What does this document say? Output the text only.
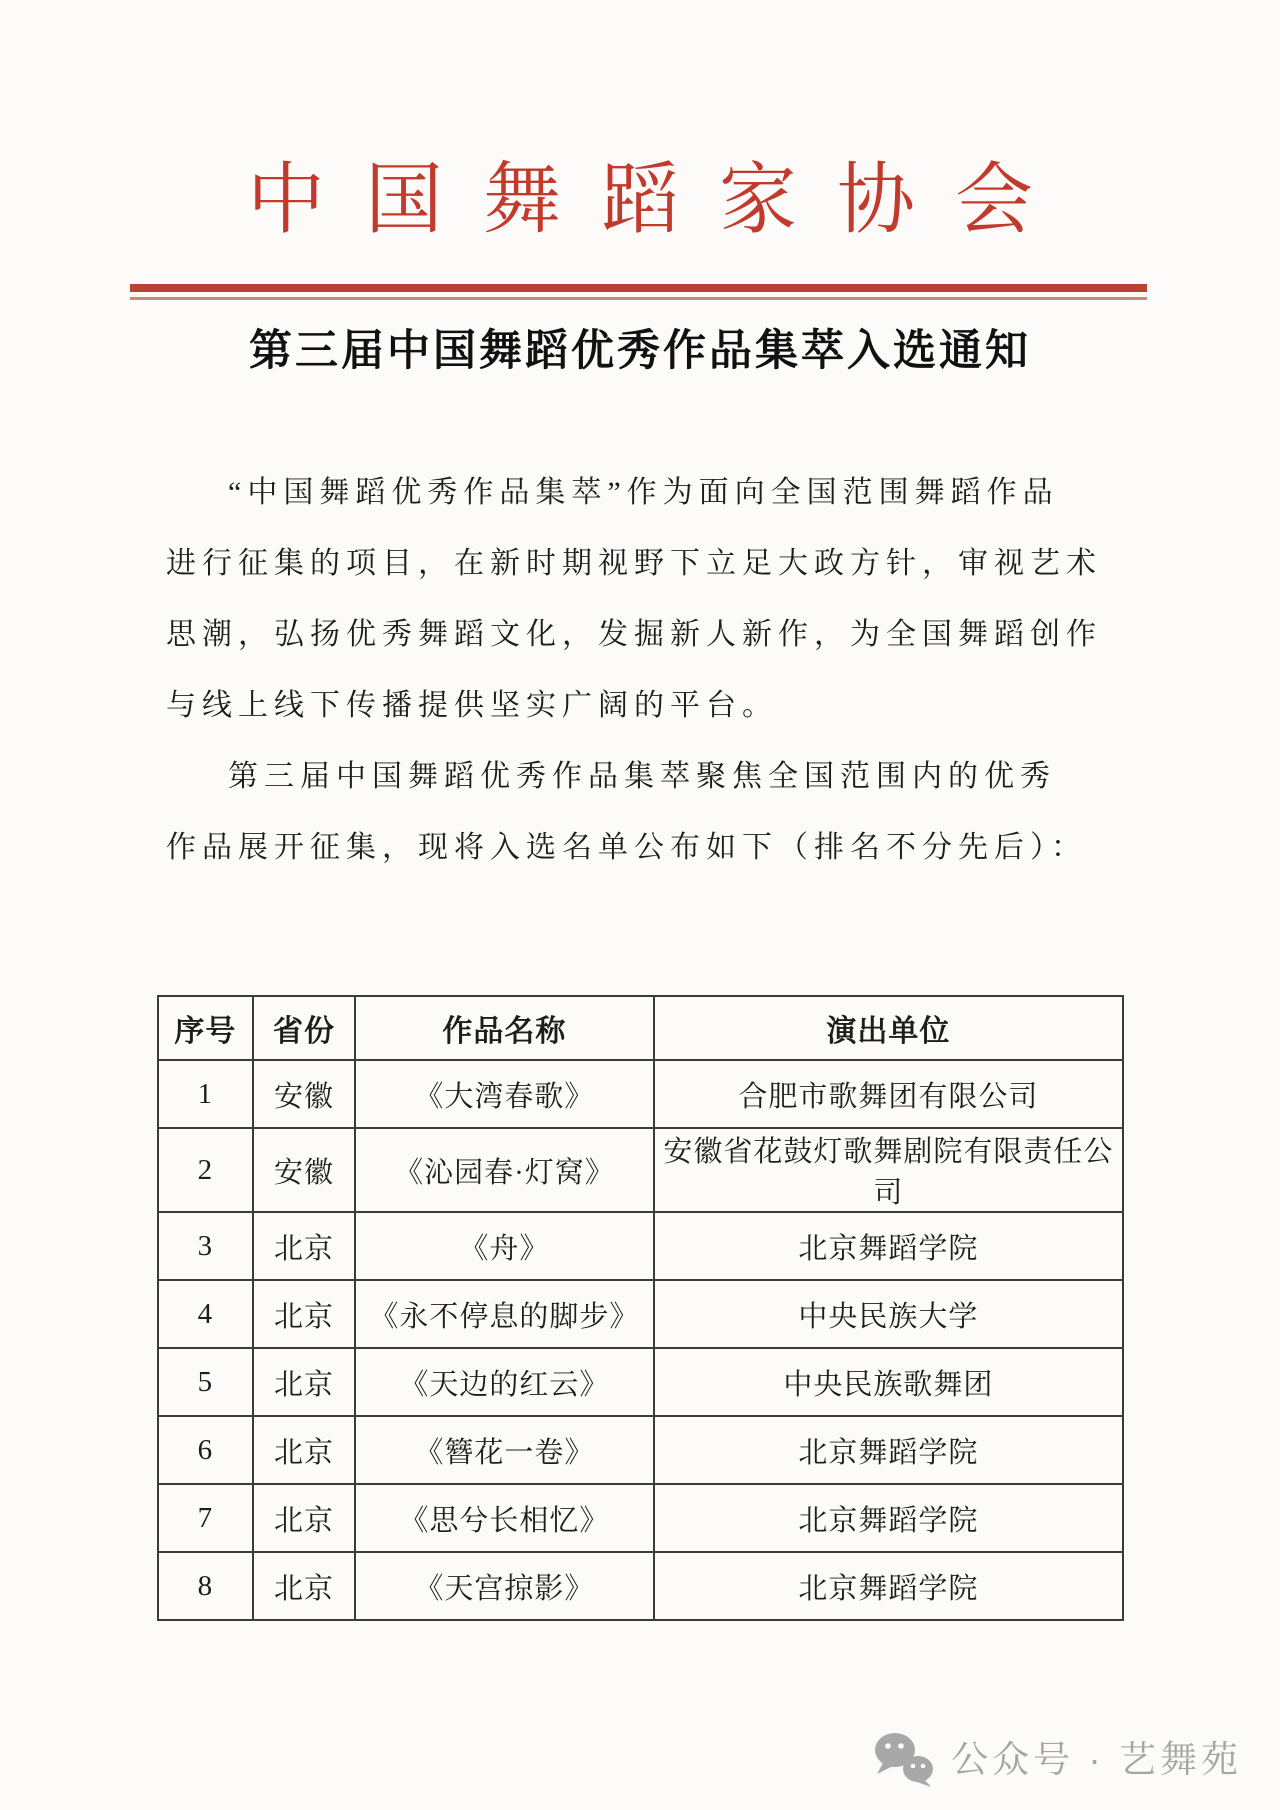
中国舞蹈家协会
第三届中国舞蹈优秀作品集萃入选通知
“中国舞蹈优秀作品集萃”作为面向全国范围舞蹈作品
进行征集的项目，在新时期视野下立足大政方针，审视艺术
思潮，弘扬优秀舞蹈文化，发掘新人新作，为全国舞蹈创作
与线上线下传播提供坚实广阔的平台。
第三届中国舞蹈优秀作品集萃聚焦全国范围内的优秀
作品展开征集，现将入选名单公布如下（排名不分先后）：
序号	省份	作品名称	演出单位
1	安徽	《大湾春歌》	合肥市歌舞团有限公司
2	安徽	《沁园春·灯窝》	安徽省花鼓灯歌舞剧院有限责任公司
3	北京	《舟》	北京舞蹈学院
4	北京	《永不停息的脚步》	中央民族大学
5	北京	《天边的红云》	中央民族歌舞团
6	北京	《簪花一卷》	北京舞蹈学院
7	北京	《思兮长相忆》	北京舞蹈学院
8	北京	《天宫掠影》	北京舞蹈学院
公众号 · 艺舞苑
